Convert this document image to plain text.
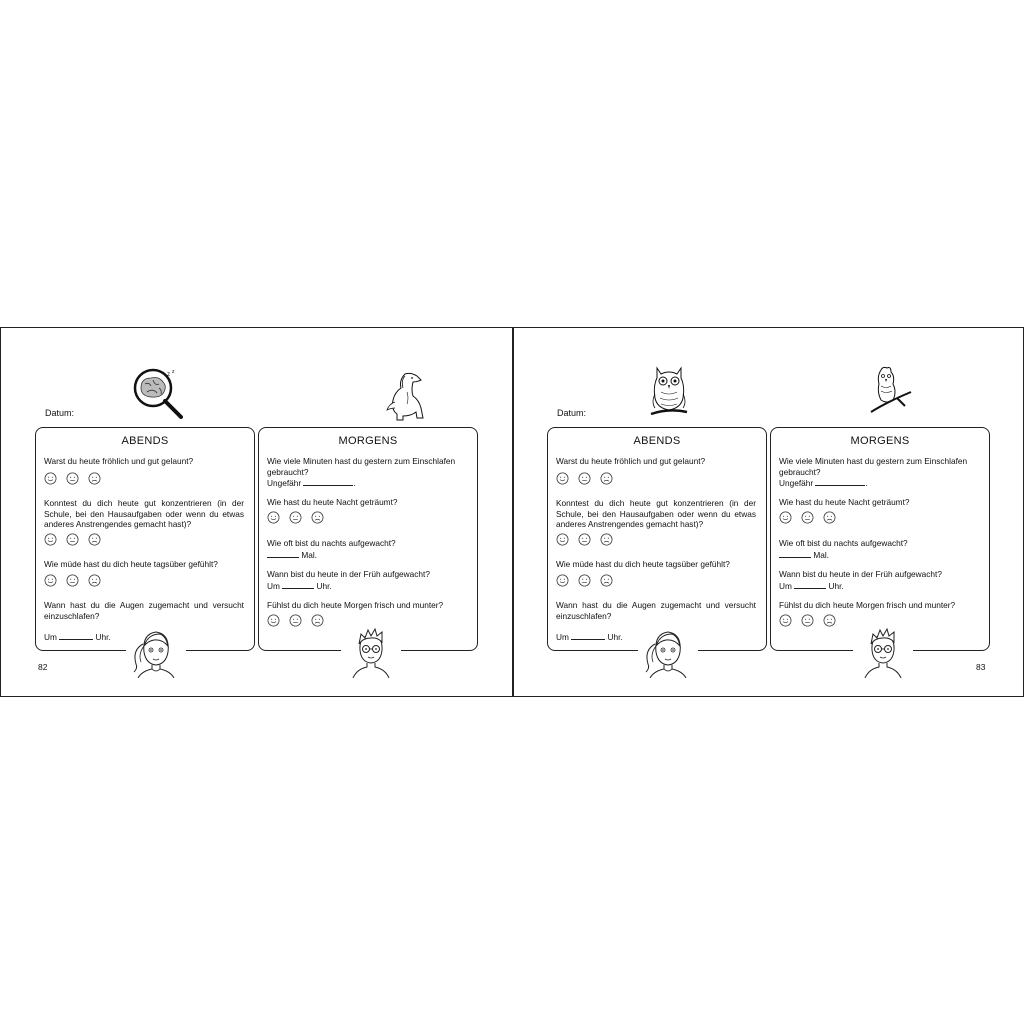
Datum:
z z
ABENDS
Warst du heute fröhlich und gut gelaunt?
Konntest du dich heute gut konzentrieren (in der Schule, bei den Hausaufgaben oder wenn du etwas anderes Anstrengendes gemacht hast)?
Wie müde hast du dich heute tagsüber gefühlt?
Wann hast du die Augen zugemacht und versucht einzuschlafen?
Um	Uhr.
MORGENS
Wie viele Minuten hast du gestern zum Einschlafen gebraucht?
Ungefähr	.
Wie hast du heute Nacht geträumt?
Wie oft bist du nachts aufgewacht?
Mal.
Wann bist du heute in der Früh aufgewacht?
Um	Uhr.
Fühlst du dich heute Morgen frisch und munter?
82
Datum:
ABENDS
Warst du heute fröhlich und gut gelaunt?
Konntest du dich heute gut konzentrieren (in der Schule, bei den Hausaufgaben oder wenn du etwas anderes Anstrengendes gemacht hast)?
Wie müde hast du dich heute tagsüber gefühlt?
Wann hast du die Augen zugemacht und versucht einzuschlafen?
Um	Uhr.
MORGENS
Wie viele Minuten hast du gestern zum Einschlafen gebraucht?
Ungefähr	.
Wie hast du heute Nacht geträumt?
Wie oft bist du nachts aufgewacht?
Mal.
Wann bist du heute in der Früh aufgewacht?
Um	Uhr.
Fühlst du dich heute Morgen frisch und munter?
83
